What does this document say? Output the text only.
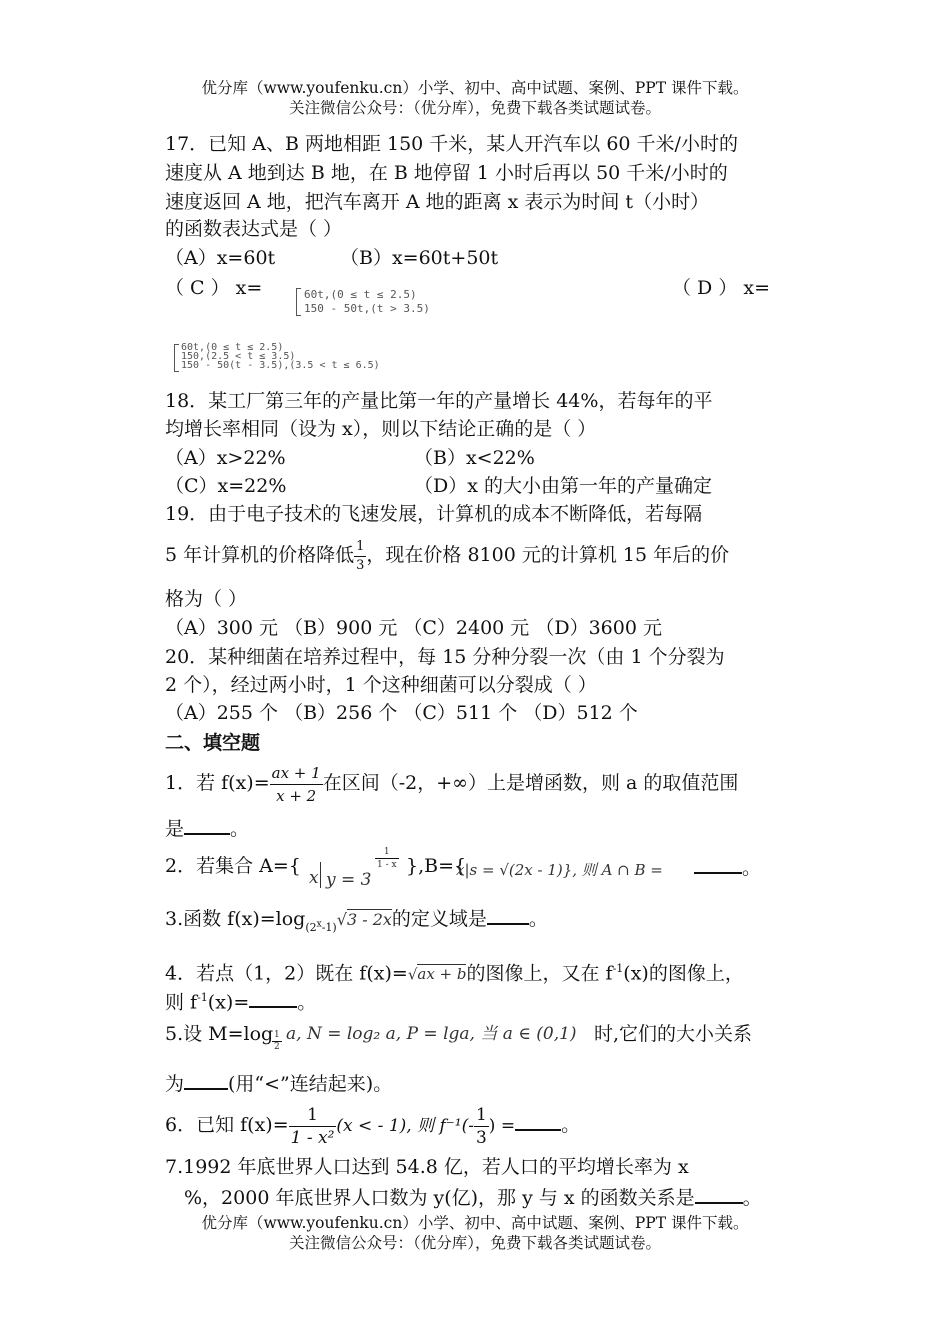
优分库（www.youfenku.cn）小学、初中、高中试题、案例、PPT 课件下载。
关注微信公众号：（优分库），免费下载各类试题试卷。
17．已知 A、B 两地相距 150 千米，某人开汽车以 60 千米/小时的
速度从 A 地到达 B 地，在 B 地停留 1 小时后再以 50 千米/小时的
速度返回 A 地，把汽车离开 A 地的距离 x 表示为时间 t（小时）
的函数表达式是（ ）
（A）x=60t	（B）x=60t+50t
（ C ） x=	60t,(0 ≤ t ≤ 2.5)
150 - 50t,(t > 3.5)
（ D ） x=
60t,(0 ≤ t ≤ 2.5)
150,(2.5 < t ≤ 3.5)
150 - 50(t - 3.5),(3.5 < t ≤ 6.5)
18．某工厂第三年的产量比第一年的产量增长 44%，若每年的平
均增长率相同（设为 x），则以下结论正确的是（ ）
（A）x>22%	（B）x<22%
（C）x=22%	（D）x 的大小由第一年的产量确定
19．由于电子技术的飞速发展，计算机的成本不断降低，若每隔
5 年计算机的价格降低 $\frac{1}{3}$ ，现在价格 8100 元的计算机 15 年后的价
格为（ ）
（A）300 元 （B）900 元 （C）2400 元 （D）3600 元
20．某种细菌在培养过程中，每 15 分种分裂一次（由 1 个分裂为
2 个），经过两小时，1 个这种细菌可以分裂成（ ）
（A）255 个 （B）256 个 （C）511 个 （D）512 个
二、填空题
1．若 $f(x)= \frac{ax + 1}{x + 2}$ 在区间（-2，+∞）上是增函数，则 a 的取值范围
是 。
2．若集合 A={
x y = 3
$\frac{1}{1 - x} \},B=${
x|s = √(2x - 1)}, 则 A ∩ B =	。
3.函数 $f(x)=\log_{(2^x-1)}√3 - 2x$的定义域是 。
4．若点（1，2）既在 f(x)=√ax + b的图像上，又在 $f^{-1}(x)$的图像上，
则 $f^{-1}(x)=$	。
5.设 M=log
$\frac{1}{2} a$, N = log₂ a, P = lga, 当 a ∈ (0,1) 时,它们的大小关系
为 (用“<”连结起来)。
6．已知 $f(x)= \frac{1}{\text{1 - x²}} (x$ < - 1), 则 $f^{-1}(- \frac{1}{3}$ ) = 。
7.1992 年底世界人口达到 54.8 亿，若人口的平均增长率为 x
%，2000 年底世界人口数为 y(亿)，那 y 与 x 的函数关系是	。
优分库（www.youfenku.cn）小学、初中、高中试题、案例、PPT 课件下载。
关注微信公众号：（优分库），免费下载各类试题试卷。
